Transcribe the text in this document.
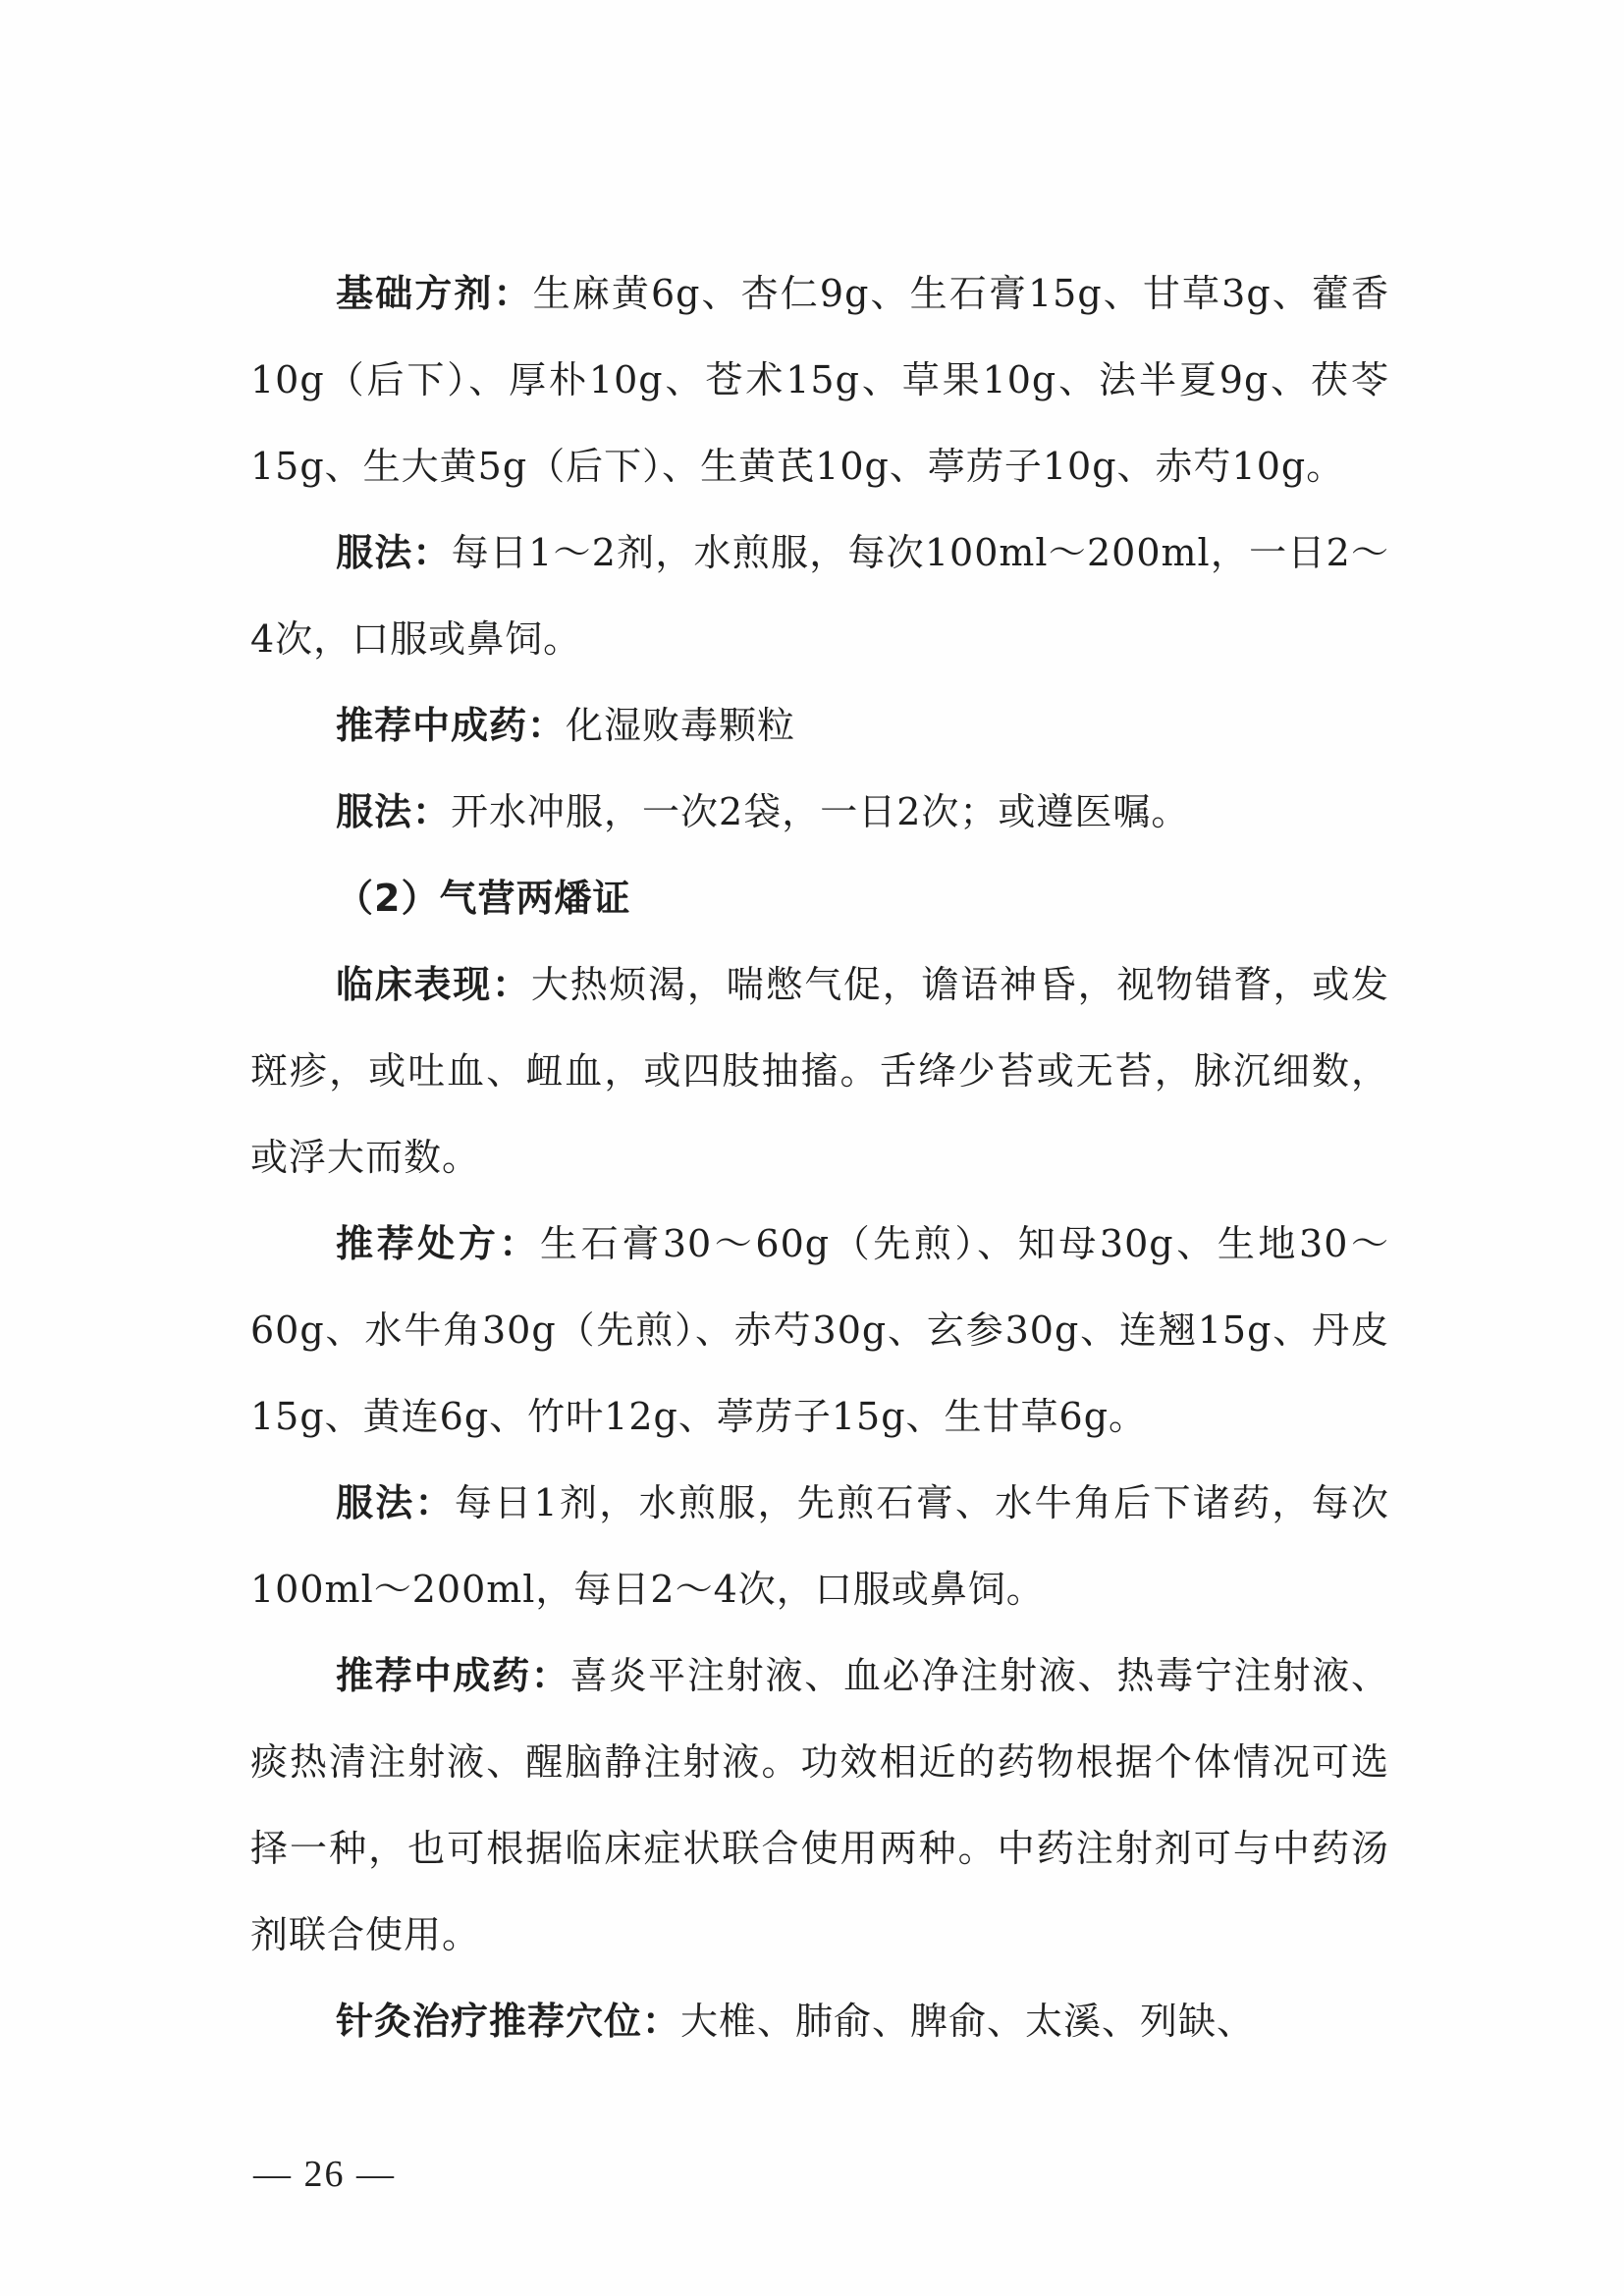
基础方剂：生麻黄6g、杏仁9g、生石膏15g、甘草3g、藿香10g（后下）、厚朴10g、苍术15g、草果10g、法半夏9g、茯苓15g、生大黄5g（后下）、生黄芪10g、葶苈子10g、赤芍10g。

服法：每日1～2剂，水煎服，每次100ml～200ml，一日2～4次，口服或鼻饲。

推荐中成药：化湿败毒颗粒

服法：开水冲服，一次2袋，一日2次；或遵医嘱。

（2）气营两燔证

临床表现：大热烦渴，喘憋气促，谵语神昏，视物错瞀，或发斑疹，或吐血、衄血，或四肢抽搐。舌绛少苔或无苔，脉沉细数，或浮大而数。

推荐处方：生石膏30～60g（先煎）、知母30g、生地30～60g、水牛角30g（先煎）、赤芍30g、玄参30g、连翘15g、丹皮15g、黄连6g、竹叶12g、葶苈子15g、生甘草6g。

服法：每日1剂，水煎服，先煎石膏、水牛角后下诸药，每次100ml～200ml，每日2～4次，口服或鼻饲。

推荐中成药：喜炎平注射液、血必净注射液、热毒宁注射液、痰热清注射液、醒脑静注射液。功效相近的药物根据个体情况可选择一种，也可根据临床症状联合使用两种。中药注射剂可与中药汤剂联合使用。

针灸治疗推荐穴位：大椎、肺俞、脾俞、太溪、列缺、

— 26 —
